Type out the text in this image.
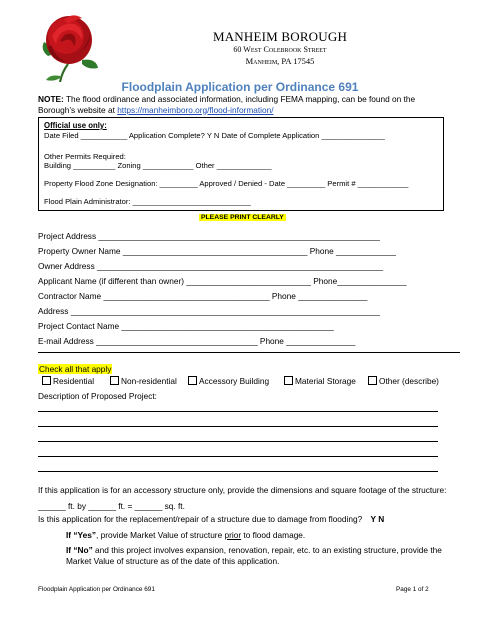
MANHEIM BOROUGH
60 West Colebrook Street
Manheim, PA 17545
Floodplain Application per Ordinance 691
NOTE: The flood ordinance and associated information, including FEMA mapping, can be found on the Borough’s website at https://manheimboro.org/flood-information/
Official use only:
Date Filed ___________ Application Complete? Y N Date of Complete Application _______________
Other Permits Required:
Building __________ Zoning ____________ Other _____________
Property Flood Zone Designation: _________ Approved / Denied - Date _________ Permit # ____________
Flood Plain Administrator: ____________________________
PLEASE PRINT CLEARLY
Project Address _____________________________________________________________
Property Owner Name ________________________________________ Phone _____________
Owner Address ______________________________________________________________
Applicant Name (if different than owner) ___________________________ Phone_______________
Contractor Name ____________________________________ Phone _______________
Address ___________________________________________________________________
Project Contact Name ______________________________________________
E-mail Address ___________________________________ Phone _______________
Check all that apply
Residential	Non-residential	Accessory Building	Material Storage	Other (describe)
Description of Proposed Project:
If this application is for an accessory structure only, provide the dimensions and square footage of the structure: ______ ft. by ______ ft. = ______ sq. ft.
Is this application for the replacement/repair of a structure due to damage from flooding? Y N
If “Yes”, provide Market Value of structure prior to flood damage.
If “No” and this project involves expansion, renovation, repair, etc. to an existing structure, provide the Market Value of structure as of the date of this application.
Floodplain Application per Ordinance 691	Page 1 of 2
